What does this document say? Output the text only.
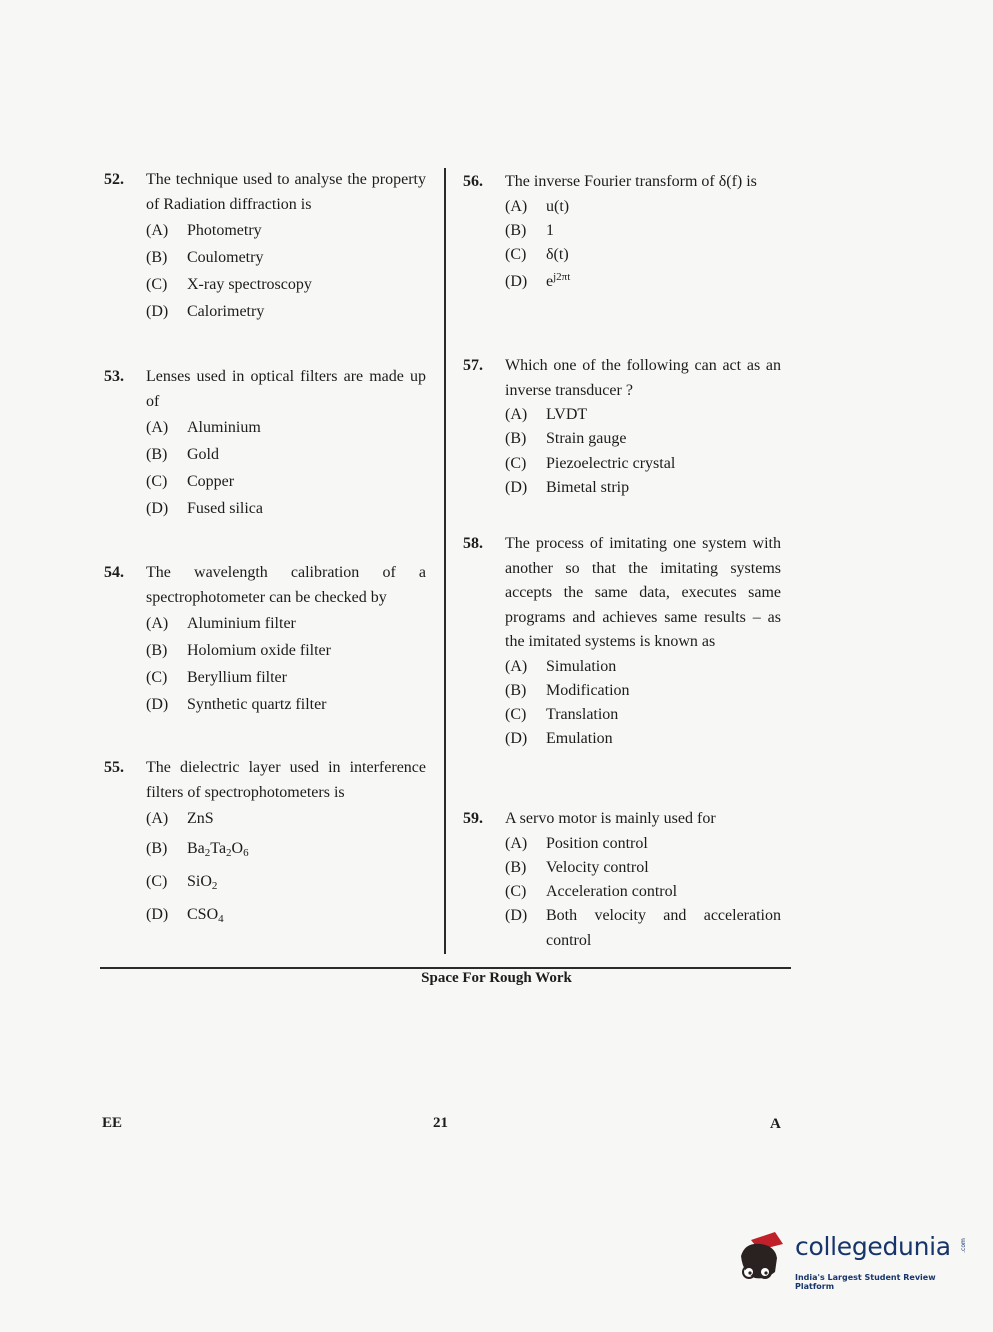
52.	The technique used to analyse the property of Radiation diffraction is
(A)	Photometry
(B)	Coulometry
(C)	X-ray spectroscopy
(D)	Calorimetry
53.	Lenses used in optical filters are made up of
(A)	Aluminium
(B)	Gold
(C)	Copper
(D)	Fused silica
54.	The wavelength calibration of a spectrophotometer can be checked by
(A)	Aluminium filter
(B)	Holomium oxide filter
(C)	Beryllium filter
(D)	Synthetic quartz filter
55.	The dielectric layer used in interference filters of spectrophotometers is
(A)	ZnS
(B)	$Ba_2Ta_2O_6$
(C)	SiO$_2$
(D)	$CSO_4$
56.	The inverse Fourier transform of δ(f) is
(A)	u(t)
(B)	1
(C)	δ(t)
(D)	$e^{j2\pi t}$
57.	Which one of the following can act as an inverse transducer ?
(A)	LVDT
(B)	Strain gauge
(C)	Piezoelectric crystal
(D)	Bimetal strip
58.	The process of imitating one system with another so that the imitating systems accepts the same data, executes same programs and achieves same results – as the imitated systems is known as
(A)	Simulation
(B)	Modification
(C)	Translation
(D)	Emulation
59.	A servo motor is mainly used for
(A)	Position control
(B)	Velocity control
(C)	Acceleration control
(D)	Both velocity and acceleration control
Space For Rough Work
EE	21	A
collegedunia .com
India's Largest Student Review Platform
